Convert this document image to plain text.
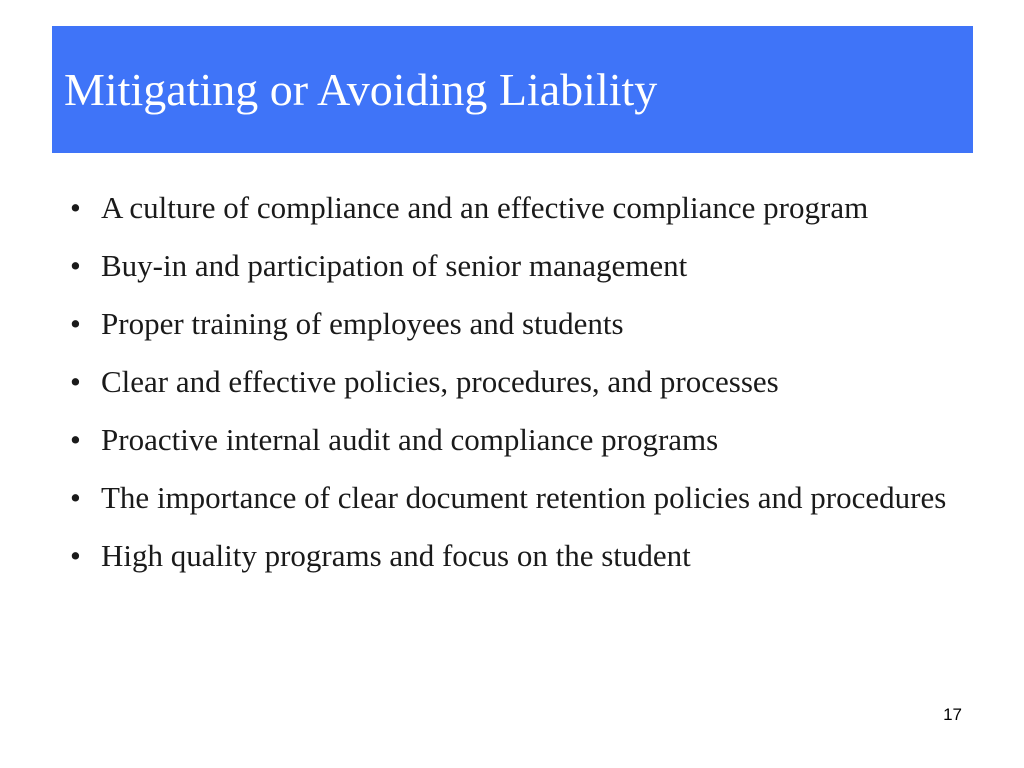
Mitigating or Avoiding Liability
• A culture of compliance and an effective compliance program
• Buy-in and participation of senior management
• Proper training of employees and students
• Clear and effective policies, procedures, and processes
• Proactive internal audit and compliance programs
• The importance of clear document retention policies and procedures
• High quality programs and focus on the student
17
